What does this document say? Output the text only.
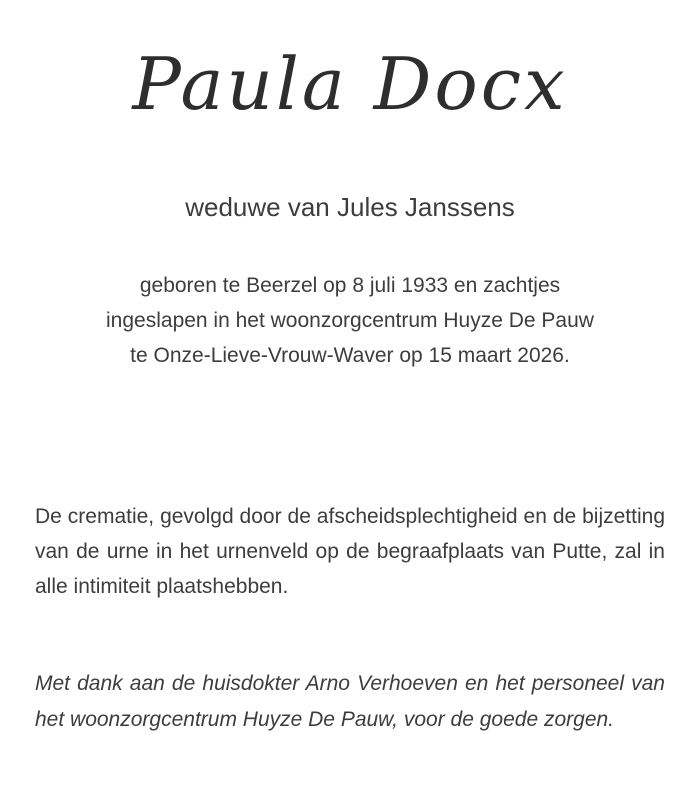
Paula Docx

weduwe van Jules Janssens

geboren te Beerzel op 8 juli 1933 en zachtjes
ingeslapen in het woonzorgcentrum Huyze De Pauw
te Onze-Lieve-Vrouw-Waver op 15 maart 2026.

De crematie, gevolgd door de afscheidsplechtigheid en de bijzetting van de urne in het urnenveld op de begraafplaats van Putte, zal in alle intimiteit plaatshebben.

Met dank aan de huisdokter Arno Verhoeven en het personeel van het woonzorgcentrum Huyze De Pauw, voor de goede zorgen.
